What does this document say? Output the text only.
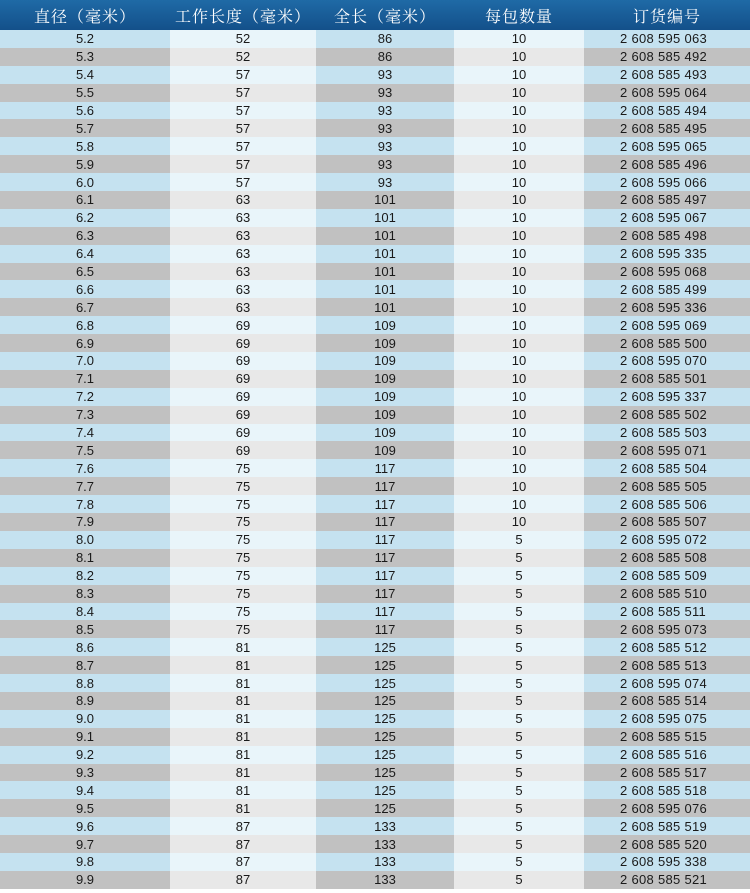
直径（毫米）	工作长度（毫米）	全长（毫米）	每包数量	订货编号
5.2	52	86	10	2 608 595 063
5.3	52	86	10	2 608 585 492
5.4	57	93	10	2 608 585 493
5.5	57	93	10	2 608 595 064
5.6	57	93	10	2 608 585 494
5.7	57	93	10	2 608 585 495
5.8	57	93	10	2 608 595 065
5.9	57	93	10	2 608 585 496
6.0	57	93	10	2 608 595 066
6.1	63	101	10	2 608 585 497
6.2	63	101	10	2 608 595 067
6.3	63	101	10	2 608 585 498
6.4	63	101	10	2 608 595 335
6.5	63	101	10	2 608 595 068
6.6	63	101	10	2 608 585 499
6.7	63	101	10	2 608 595 336
6.8	69	109	10	2 608 595 069
6.9	69	109	10	2 608 585 500
7.0	69	109	10	2 608 595 070
7.1	69	109	10	2 608 585 501
7.2	69	109	10	2 608 595 337
7.3	69	109	10	2 608 585 502
7.4	69	109	10	2 608 585 503
7.5	69	109	10	2 608 595 071
7.6	75	117	10	2 608 585 504
7.7	75	117	10	2 608 585 505
7.8	75	117	10	2 608 585 506
7.9	75	117	10	2 608 585 507
8.0	75	117	5	2 608 595 072
8.1	75	117	5	2 608 585 508
8.2	75	117	5	2 608 585 509
8.3	75	117	5	2 608 585 510
8.4	75	117	5	2 608 585 511
8.5	75	117	5	2 608 595 073
8.6	81	125	5	2 608 585 512
8.7	81	125	5	2 608 585 513
8.8	81	125	5	2 608 595 074
8.9	81	125	5	2 608 585 514
9.0	81	125	5	2 608 595 075
9.1	81	125	5	2 608 585 515
9.2	81	125	5	2 608 585 516
9.3	81	125	5	2 608 585 517
9.4	81	125	5	2 608 585 518
9.5	81	125	5	2 608 595 076
9.6	87	133	5	2 608 585 519
9.7	87	133	5	2 608 585 520
9.8	87	133	5	2 608 595 338
9.9	87	133	5	2 608 585 521
